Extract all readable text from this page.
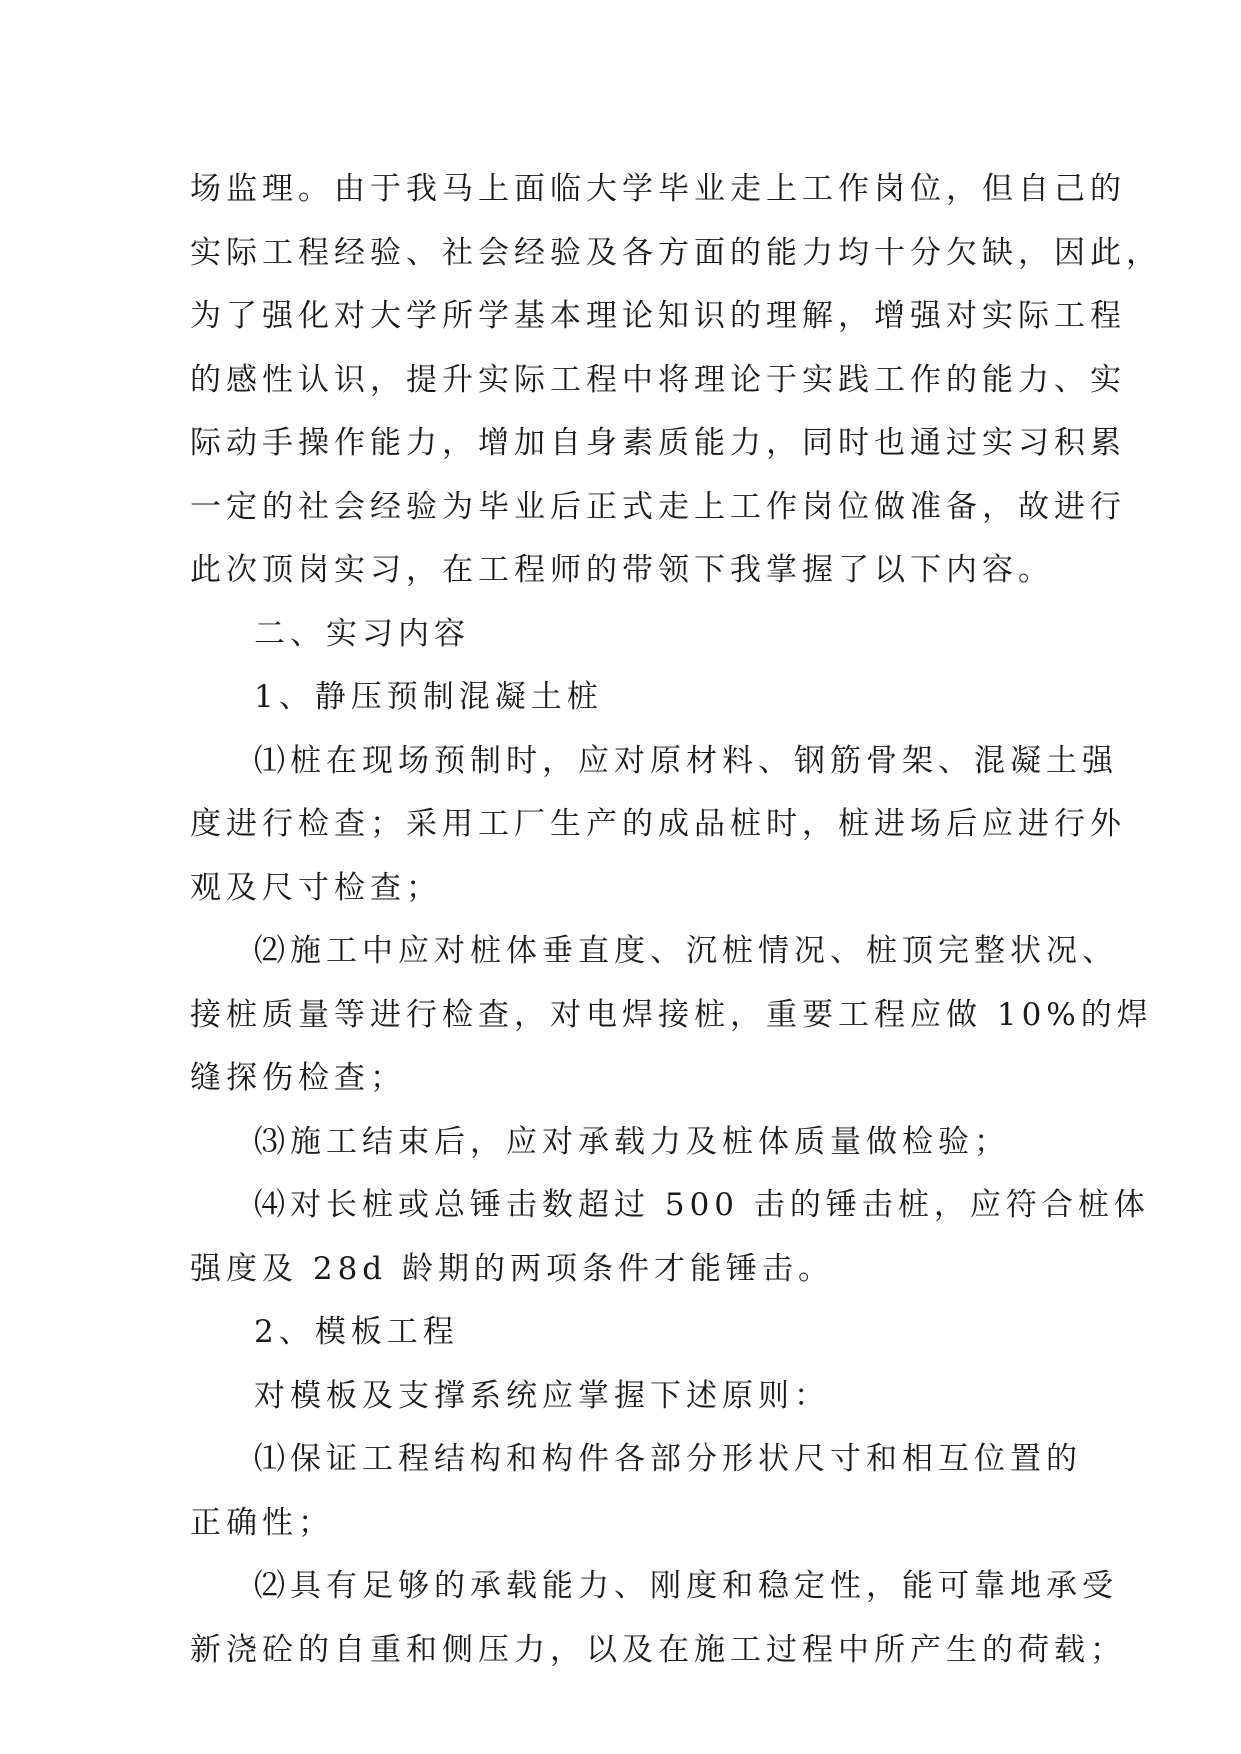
场监理。由于我马上面临大学毕业走上工作岗位，但自己的
实际工程经验、社会经验及各方面的能力均十分欠缺，因此，
为了强化对大学所学基本理论知识的理解，增强对实际工程
的感性认识，提升实际工程中将理论于实践工作的能力、实
际动手操作能力，增加自身素质能力，同时也通过实习积累
一定的社会经验为毕业后正式走上工作岗位做准备，故进行
此次顶岗实习，在工程师的带领下我掌握了以下内容。
二、实习内容
1、静压预制混凝土桩
⑴桩在现场预制时，应对原材料、钢筋骨架、混凝土强
度进行检查；采用工厂生产的成品桩时，桩进场后应进行外
观及尺寸检查；
⑵施工中应对桩体垂直度、沉桩情况、桩顶完整状况、
接桩质量等进行检查，对电焊接桩，重要工程应做 10%的焊
缝探伤检查；
⑶施工结束后，应对承载力及桩体质量做检验；
⑷对长桩或总锤击数超过 500 击的锤击桩，应符合桩体
强度及 28d 龄期的两项条件才能锤击。
2、模板工程
对模板及支撑系统应掌握下述原则：
⑴保证工程结构和构件各部分形状尺寸和相互位置的
正确性；
⑵具有足够的承载能力、刚度和稳定性，能可靠地承受
新浇砼的自重和侧压力，以及在施工过程中所产生的荷载；
